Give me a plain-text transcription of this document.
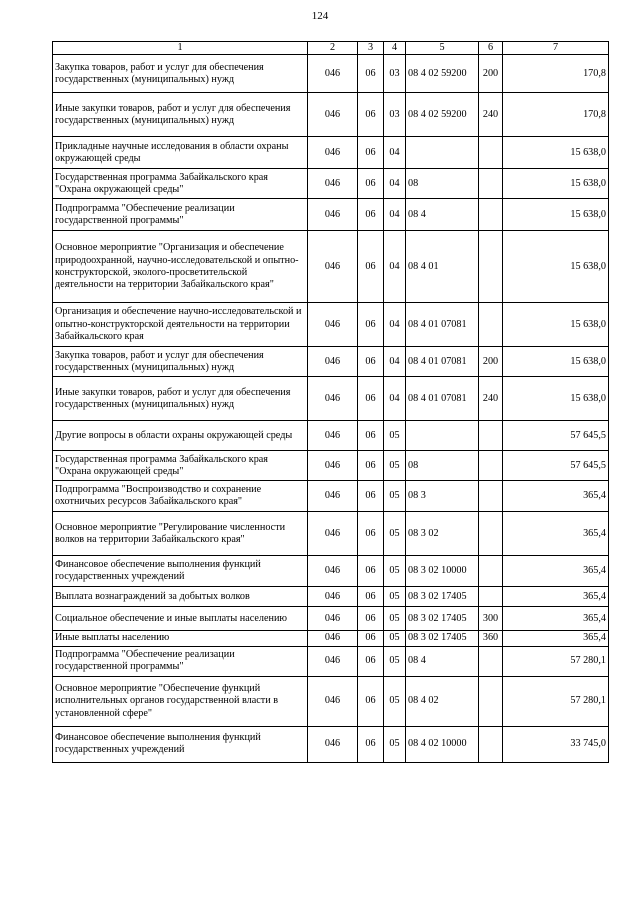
124
1	2	3	4	5	6	7
Закупка товаров, работ и услуг для обеспечения государственных (муниципальных) нужд	046	06	03	08 4 02 59200	200	170,8
Иные закупки товаров, работ и услуг для обеспечения государственных (муниципальных) нужд	046	06	03	08 4 02 59200	240	170,8
Прикладные научные исследования в области охраны окружающей среды	046	06	04			15 638,0
Государственная программа Забайкальского края "Охрана окружающей среды"	046	06	04	08		15 638,0
Подпрограмма "Обеспечение реализации государственной программы"	046	06	04	08 4		15 638,0
Основное мероприятие "Организация и обеспечение природоохранной, научно-исследовательской и опытно- конструкторской, эколого-просветительской деятельности на территории Забайкальского края"	046	06	04	08 4 01		15 638,0
Организация и обеспечение научно-исследовательской и опытно-конструкторской деятельности на территории Забайкальского края	046	06	04	08 4 01 07081		15 638,0
Закупка товаров, работ и услуг для обеспечения государственных (муниципальных) нужд	046	06	04	08 4 01 07081	200	15 638,0
Иные закупки товаров, работ и услуг для обеспечения государственных (муниципальных) нужд	046	06	04	08 4 01 07081	240	15 638,0
Другие вопросы в области охраны окружающей среды	046	06	05			57 645,5
Государственная программа Забайкальского края "Охрана окружающей среды"	046	06	05	08		57 645,5
Подпрограмма "Воспроизводство и сохранение охотничьих ресурсов Забайкальского края"	046	06	05	08 3		365,4
Основное мероприятие "Регулирование численности волков на территории Забайкальского края"	046	06	05	08 3 02		365,4
Финансовое обеспечение выполнения функций государственных учреждений	046	06	05	08 3 02 10000		365,4
Выплата вознаграждений за добытых волков	046	06	05	08 3 02 17405		365,4
Социальное обеспечение и иные выплаты населению	046	06	05	08 3 02 17405	300	365,4
Иные выплаты населению	046	06	05	08 3 02 17405	360	365,4
Подпрограмма "Обеспечение реализации государственной программы"	046	06	05	08 4		57 280,1
Основное мероприятие "Обеспечение функций исполнительных органов государственной власти в установленной сфере"	046	06	05	08 4 02		57 280,1
Финансовое обеспечение выполнения функций государственных учреждений	046	06	05	08 4 02 10000		33 745,0
